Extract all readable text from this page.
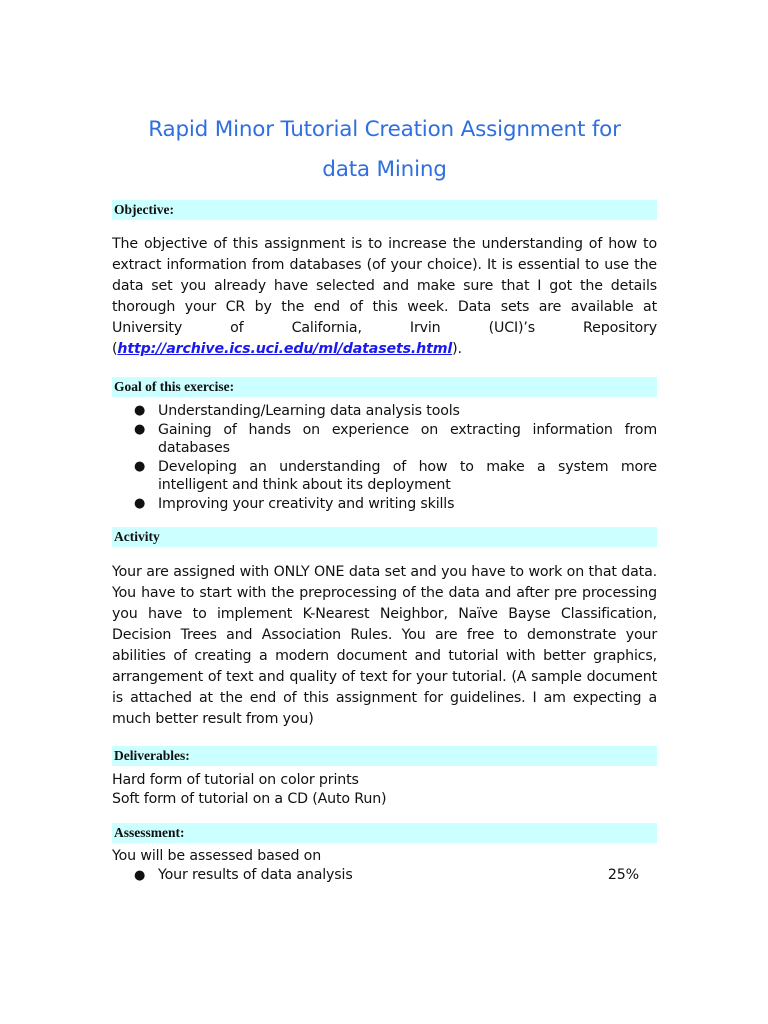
Rapid Minor Tutorial Creation Assignment for
data Mining
Objective:

The objective of this assignment is to increase the understanding of how to extract information from databases (of your choice). It is essential to use the data set you already have selected and make sure that I got the details thorough your CR by the end of this week. Data sets are available at University of California, Irvin (UCI)’s Repository (http://archive.ics.uci.edu/ml/datasets.html).

Goal of this exercise:
● Understanding/Learning data analysis tools
● Gaining of hands on experience on extracting information from databases
● Developing an understanding of how to make a system more intelligent and think about its deployment
● Improving your creativity and writing skills
Activity

Your are assigned with ONLY ONE data set and you have to work on that data. You have to start with the preprocessing of the data and after pre processing you have to implement K-Nearest Neighbor, Naïve Bayse Classification, Decision Trees and Association Rules. You are free to demonstrate your abilities of creating a modern document and tutorial with better graphics, arrangement of text and quality of text for your tutorial. (A sample document is attached at the end of this assignment for guidelines. I am expecting a much better result from you)

Deliverables:
Hard form of tutorial on color prints
Soft form of tutorial on a CD (Auto Run)
Assessment:
You will be assessed based on
● Your results of data analysis	25%
